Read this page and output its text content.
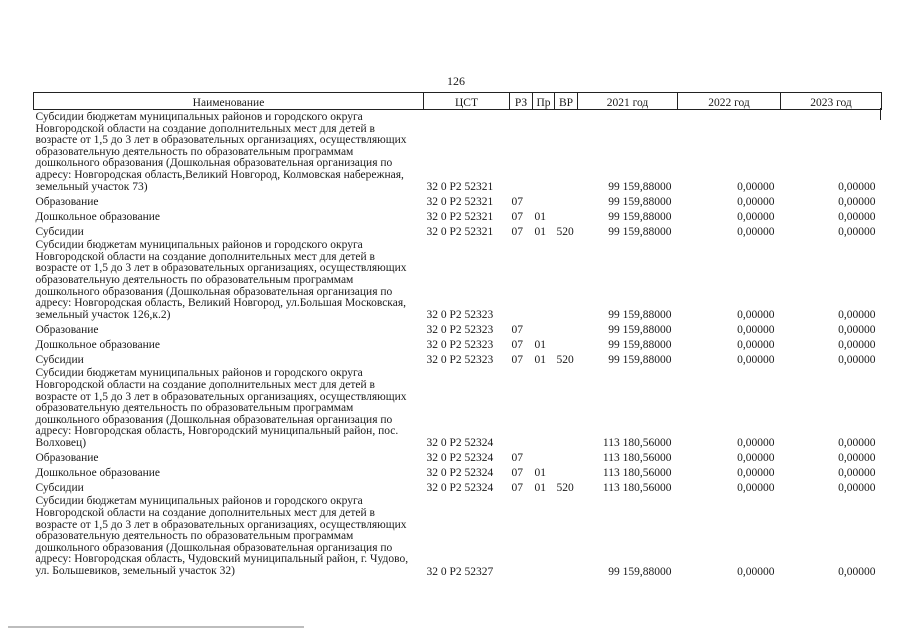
126
Наименование	ЦСТ	РЗ	Пр	ВР	2021 год	2022 год	2023 год
Субсидии бюджетам муниципальных районов и городского округа Новгородской области на создание дополнительных мест для детей в возрасте от 1,5 до 3 лет в образовательных организациях, осуществляющих образовательную деятельность по образовательным программам дошкольного образования (Дошкольная образовательная организация по адресу: Новгородская область,Великий Новгород, Колмовская набережная, земельный участок 73)	32 0 Р2 52321				99 159,88000	0,00000	0,00000
Образование	32 0 Р2 52321	07			99 159,88000	0,00000	0,00000
Дошкольное образование	32 0 Р2 52321	07	01		99 159,88000	0,00000	0,00000
Субсидии	32 0 Р2 52321	07	01	520	99 159,88000	0,00000	0,00000
Субсидии бюджетам муниципальных районов и городского округа Новгородской области на создание дополнительных мест для детей в возрасте от 1,5 до 3 лет в образовательных организациях, осуществляющих образовательную деятельность по образовательным программам дошкольного образования (Дошкольная образовательная организация по адресу: Новгородская область, Великий Новгород, ул.Большая Московская, земельный участок 126,к.2)	32 0 Р2 52323				99 159,88000	0,00000	0,00000
Образование	32 0 Р2 52323	07			99 159,88000	0,00000	0,00000
Дошкольное образование	32 0 Р2 52323	07	01		99 159,88000	0,00000	0,00000
Субсидии	32 0 Р2 52323	07	01	520	99 159,88000	0,00000	0,00000
Субсидии бюджетам муниципальных районов и городского округа Новгородской области на создание дополнительных мест для детей в возрасте от 1,5 до 3 лет в образовательных организациях, осуществляющих образовательную деятельность по образовательным программам дошкольного образования (Дошкольная образовательная организация по адресу: Новгородская область, Новгородский муниципальный район, пос. Волховец)	32 0 Р2 52324				113 180,56000	0,00000	0,00000
Образование	32 0 Р2 52324	07			113 180,56000	0,00000	0,00000
Дошкольное образование	32 0 Р2 52324	07	01		113 180,56000	0,00000	0,00000
Субсидии	32 0 Р2 52324	07	01	520	113 180,56000	0,00000	0,00000
Субсидии бюджетам муниципальных районов и городского округа Новгородской области на создание дополнительных мест для детей в возрасте от 1,5 до 3 лет в образовательных организациях, осуществляющих образовательную деятельность по образовательным программам дошкольного образования (Дошкольная образовательная организация по адресу: Новгородская область, Чудовский муниципальный район, г. Чудово, ул. Большевиков, земельный участок 32)	32 0 Р2 52327				99 159,88000	0,00000	0,00000
